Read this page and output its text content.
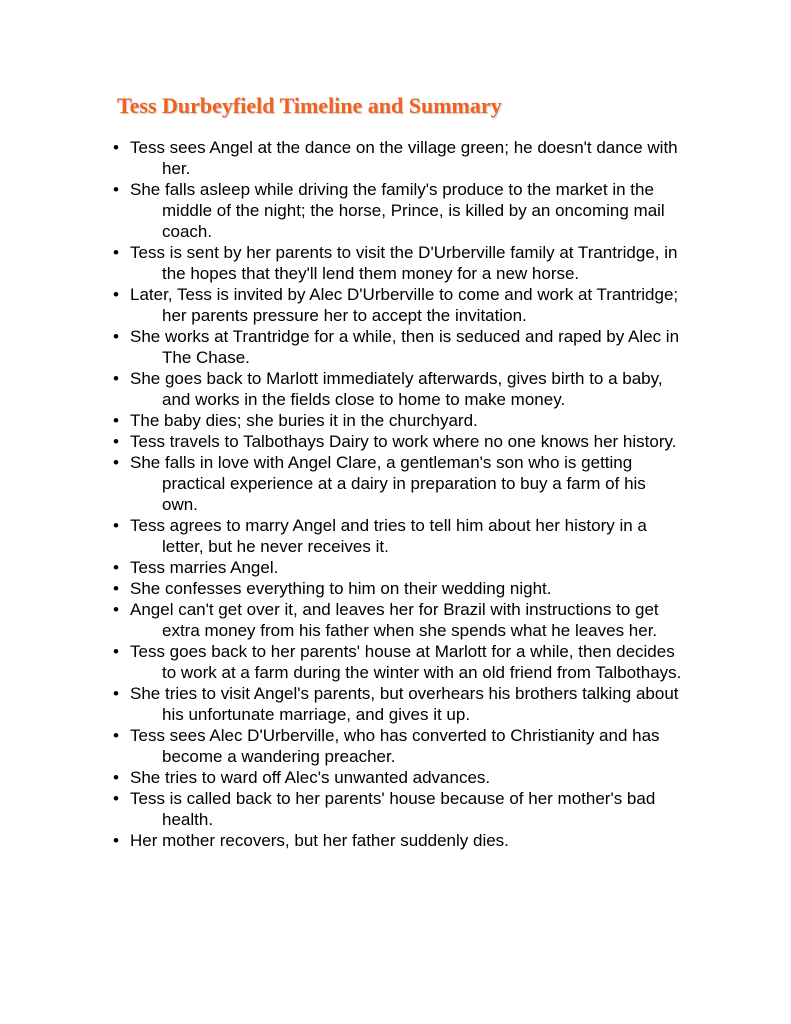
Tess Durbeyfield Timeline and Summary
• Tess sees Angel at the dance on the village green; he doesn't dance with her.
• She falls asleep while driving the family's produce to the market in the middle of the night; the horse, Prince, is killed by an oncoming mail coach.
• Tess is sent by her parents to visit the D'Urberville family at Trantridge, in the hopes that they'll lend them money for a new horse.
• Later, Tess is invited by Alec D'Urberville to come and work at Trantridge; her parents pressure her to accept the invitation.
• She works at Trantridge for a while, then is seduced and raped by Alec in The Chase.
• She goes back to Marlott immediately afterwards, gives birth to a baby, and works in the fields close to home to make money.
• The baby dies; she buries it in the churchyard.
• Tess travels to Talbothays Dairy to work where no one knows her history.
• She falls in love with Angel Clare, a gentleman's son who is getting practical experience at a dairy in preparation to buy a farm of his own.
• Tess agrees to marry Angel and tries to tell him about her history in a letter, but he never receives it.
• Tess marries Angel.
• She confesses everything to him on their wedding night.
• Angel can't get over it, and leaves her for Brazil with instructions to get extra money from his father when she spends what he leaves her.
• Tess goes back to her parents' house at Marlott for a while, then decides to work at a farm during the winter with an old friend from Talbothays.
• She tries to visit Angel's parents, but overhears his brothers talking about his unfortunate marriage, and gives it up.
• Tess sees Alec D'Urberville, who has converted to Christianity and has become a wandering preacher.
• She tries to ward off Alec's unwanted advances.
• Tess is called back to her parents' house because of her mother's bad health.
• Her mother recovers, but her father suddenly dies.
